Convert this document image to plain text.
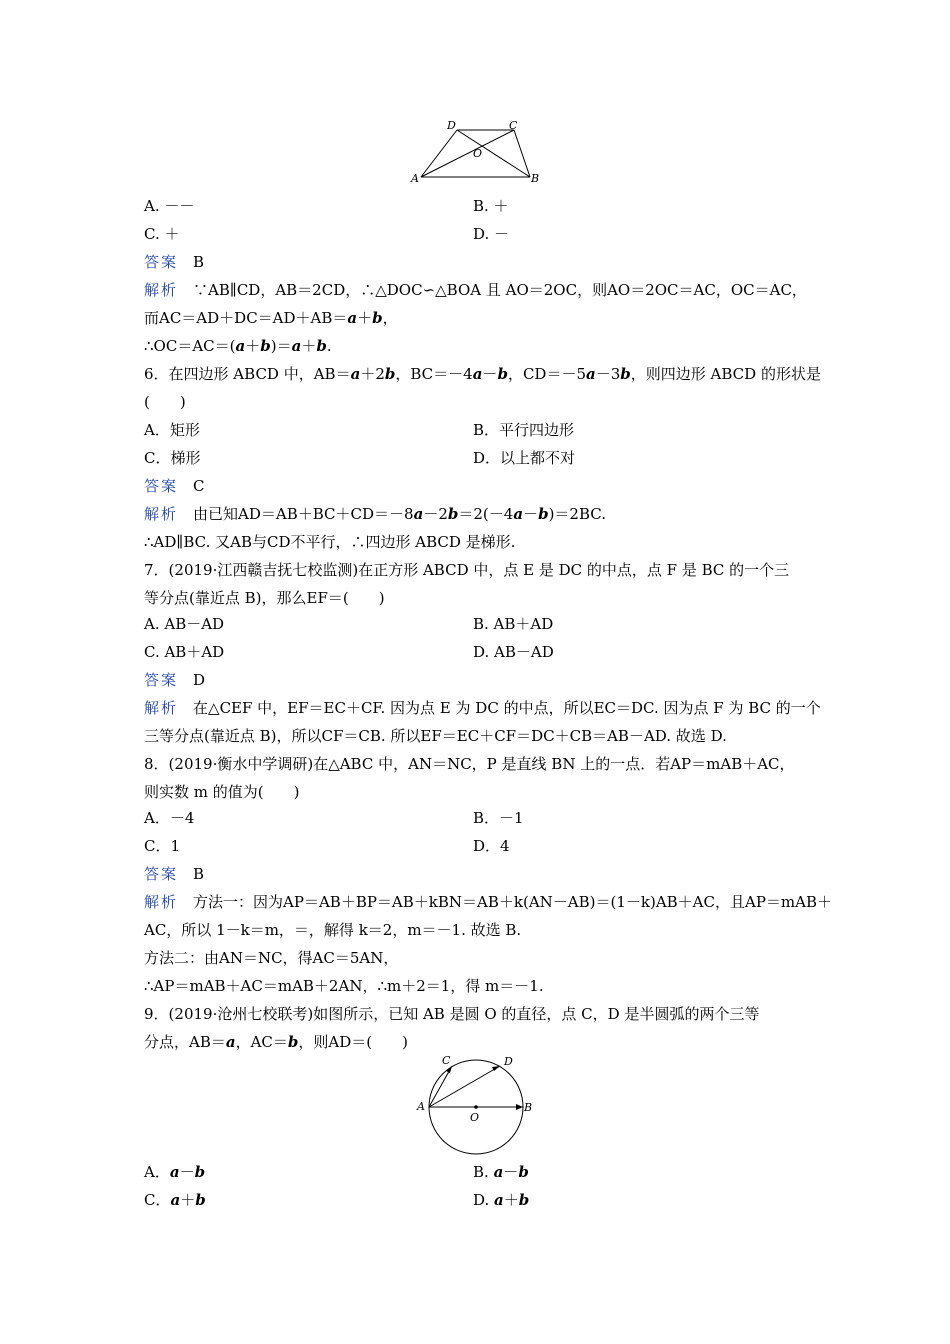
D	C
O
A	B
A. －－	B. ＋
C. ＋	D. －
答案　 B
解析　 ∵AB∥CD，AB＝2CD，∴△DOC∽△BOA 且 AO＝2OC，则AO＝2OC＝AC，OC＝AC，
而AC＝AD＋DC＝AD＋AB＝a＋b，
∴OC＝AC＝(a＋b)＝a＋b.
6．在四边形 ABCD 中，AB＝a＋2b，BC＝－4a－b，CD＝－5a－3b，则四边形 ABCD 的形状是
(　　)
A．矩形	B．平行四边形
C．梯形	D．以上都不对
答案　 C
解析　 由已知AD＝AB＋BC＋CD＝－8a－2b＝2(－4a－b)＝2BC.
∴AD∥BC. 又AB与CD不平行，∴四边形 ABCD 是梯形.
7．(2019·江西赣吉抚七校监测)在正方形 ABCD 中，点 E 是 DC 的中点，点 F 是 BC 的一个三
等分点(靠近点 B)，那么EF＝(　　)
A. AB－AD	B. AB＋AD
C. AB＋AD	D. AB－AD
答案　 D
解析　 在△CEF 中，EF＝EC＋CF. 因为点 E 为 DC 的中点，所以EC＝DC. 因为点 F 为 BC 的一个
三等分点(靠近点 B)，所以CF＝CB. 所以EF＝EC＋CF＝DC＋CB＝AB－AD. 故选 D.
8．(2019·衡水中学调研)在△ABC 中，AN＝NC，P 是直线 BN 上的一点．若AP＝mAB＋AC，
则实数 m 的值为(　　)
A．－4	B．－1
C．1	D．4
答案　 B
解析　 方法一：因为AP＝AB＋BP＝AB＋kBN＝AB＋k(AN－AB)＝(1－k)AB＋AC，且AP＝mAB＋
AC，所以 1－k＝m，＝，解得 k＝2，m＝－1. 故选 B.
方法二：由AN＝NC，得AC＝5AN，
∴AP＝mAB＋AC＝mAB＋2AN，∴m＋2＝1，得 m＝－1.
9．(2019·沧州七校联考)如图所示，已知 AB 是圆 O 的直径，点 C，D 是半圆弧的两个三等
分点，AB＝a，AC＝b，则AD＝(　　)
C	D
A	B
O
A．a－b	B. a－b
C．a＋b	D. a＋b
